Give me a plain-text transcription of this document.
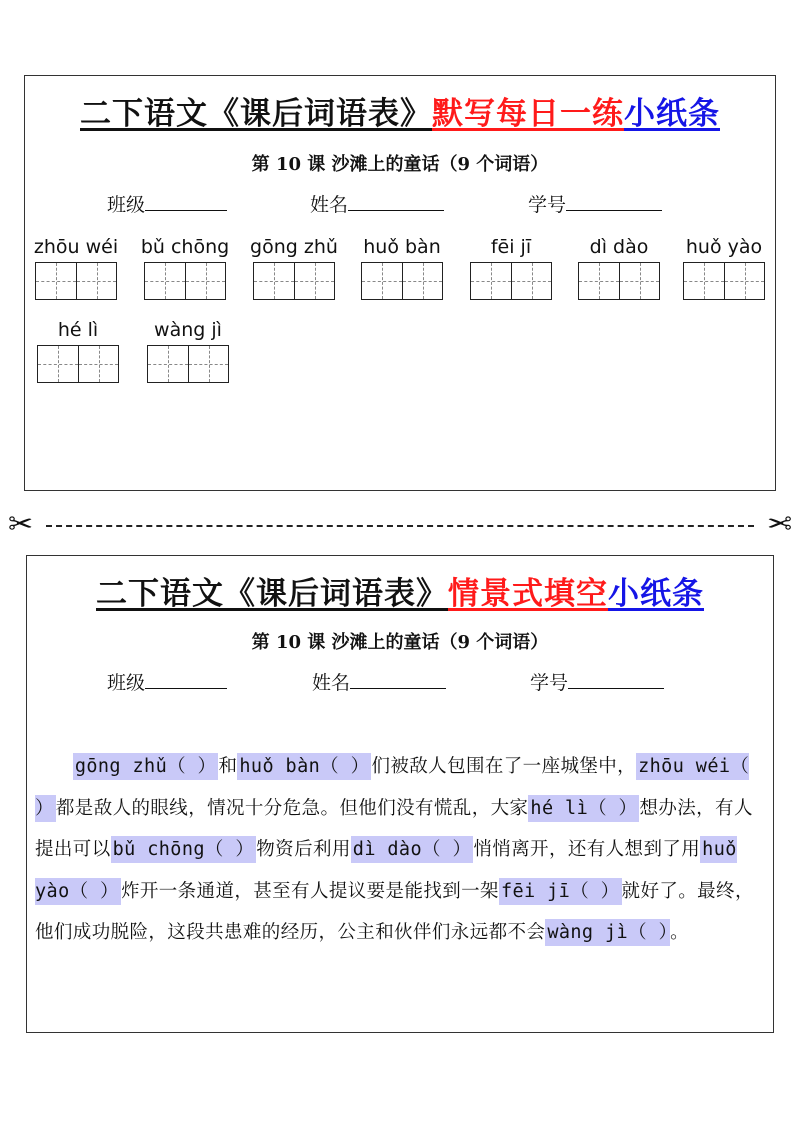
二下语文《课后词语表》默写每日一练小纸条
第 10 课 沙滩上的童话（9 个词语）
班级	姓名	学号
zhōu wéi	bǔ chōng	gōng zhǔ	huǒ bàn	fēi jī	dì dào	huǒ yào
hé lì	wàng jì
✂	✂
二下语文《课后词语表》情景式填空小纸条
第 10 课 沙滩上的童话（9 个词语）
班级	姓名	学号
　　gōng zhǔ（ ） 和 huǒ bàn（ ） 们被敌人包围在了一座城堡中， zhōu wéi（ ） 都是敌人的眼线，情况十分危急。但他们没有慌乱，大家 hé lì（ ） 想办法，有人提出可以 bǔ chōng（ ） 物资后利用 dì dào（ ） 悄悄离开，还有人想到了用 huǒ yào（ ） 炸开一条通道，甚至有人提议要是能找到一架 fēi jī（ ） 就好了。最终，他们成功脱险，这段共患难的经历，公主和伙伴们永远都不会 wàng jì（ ） 。
